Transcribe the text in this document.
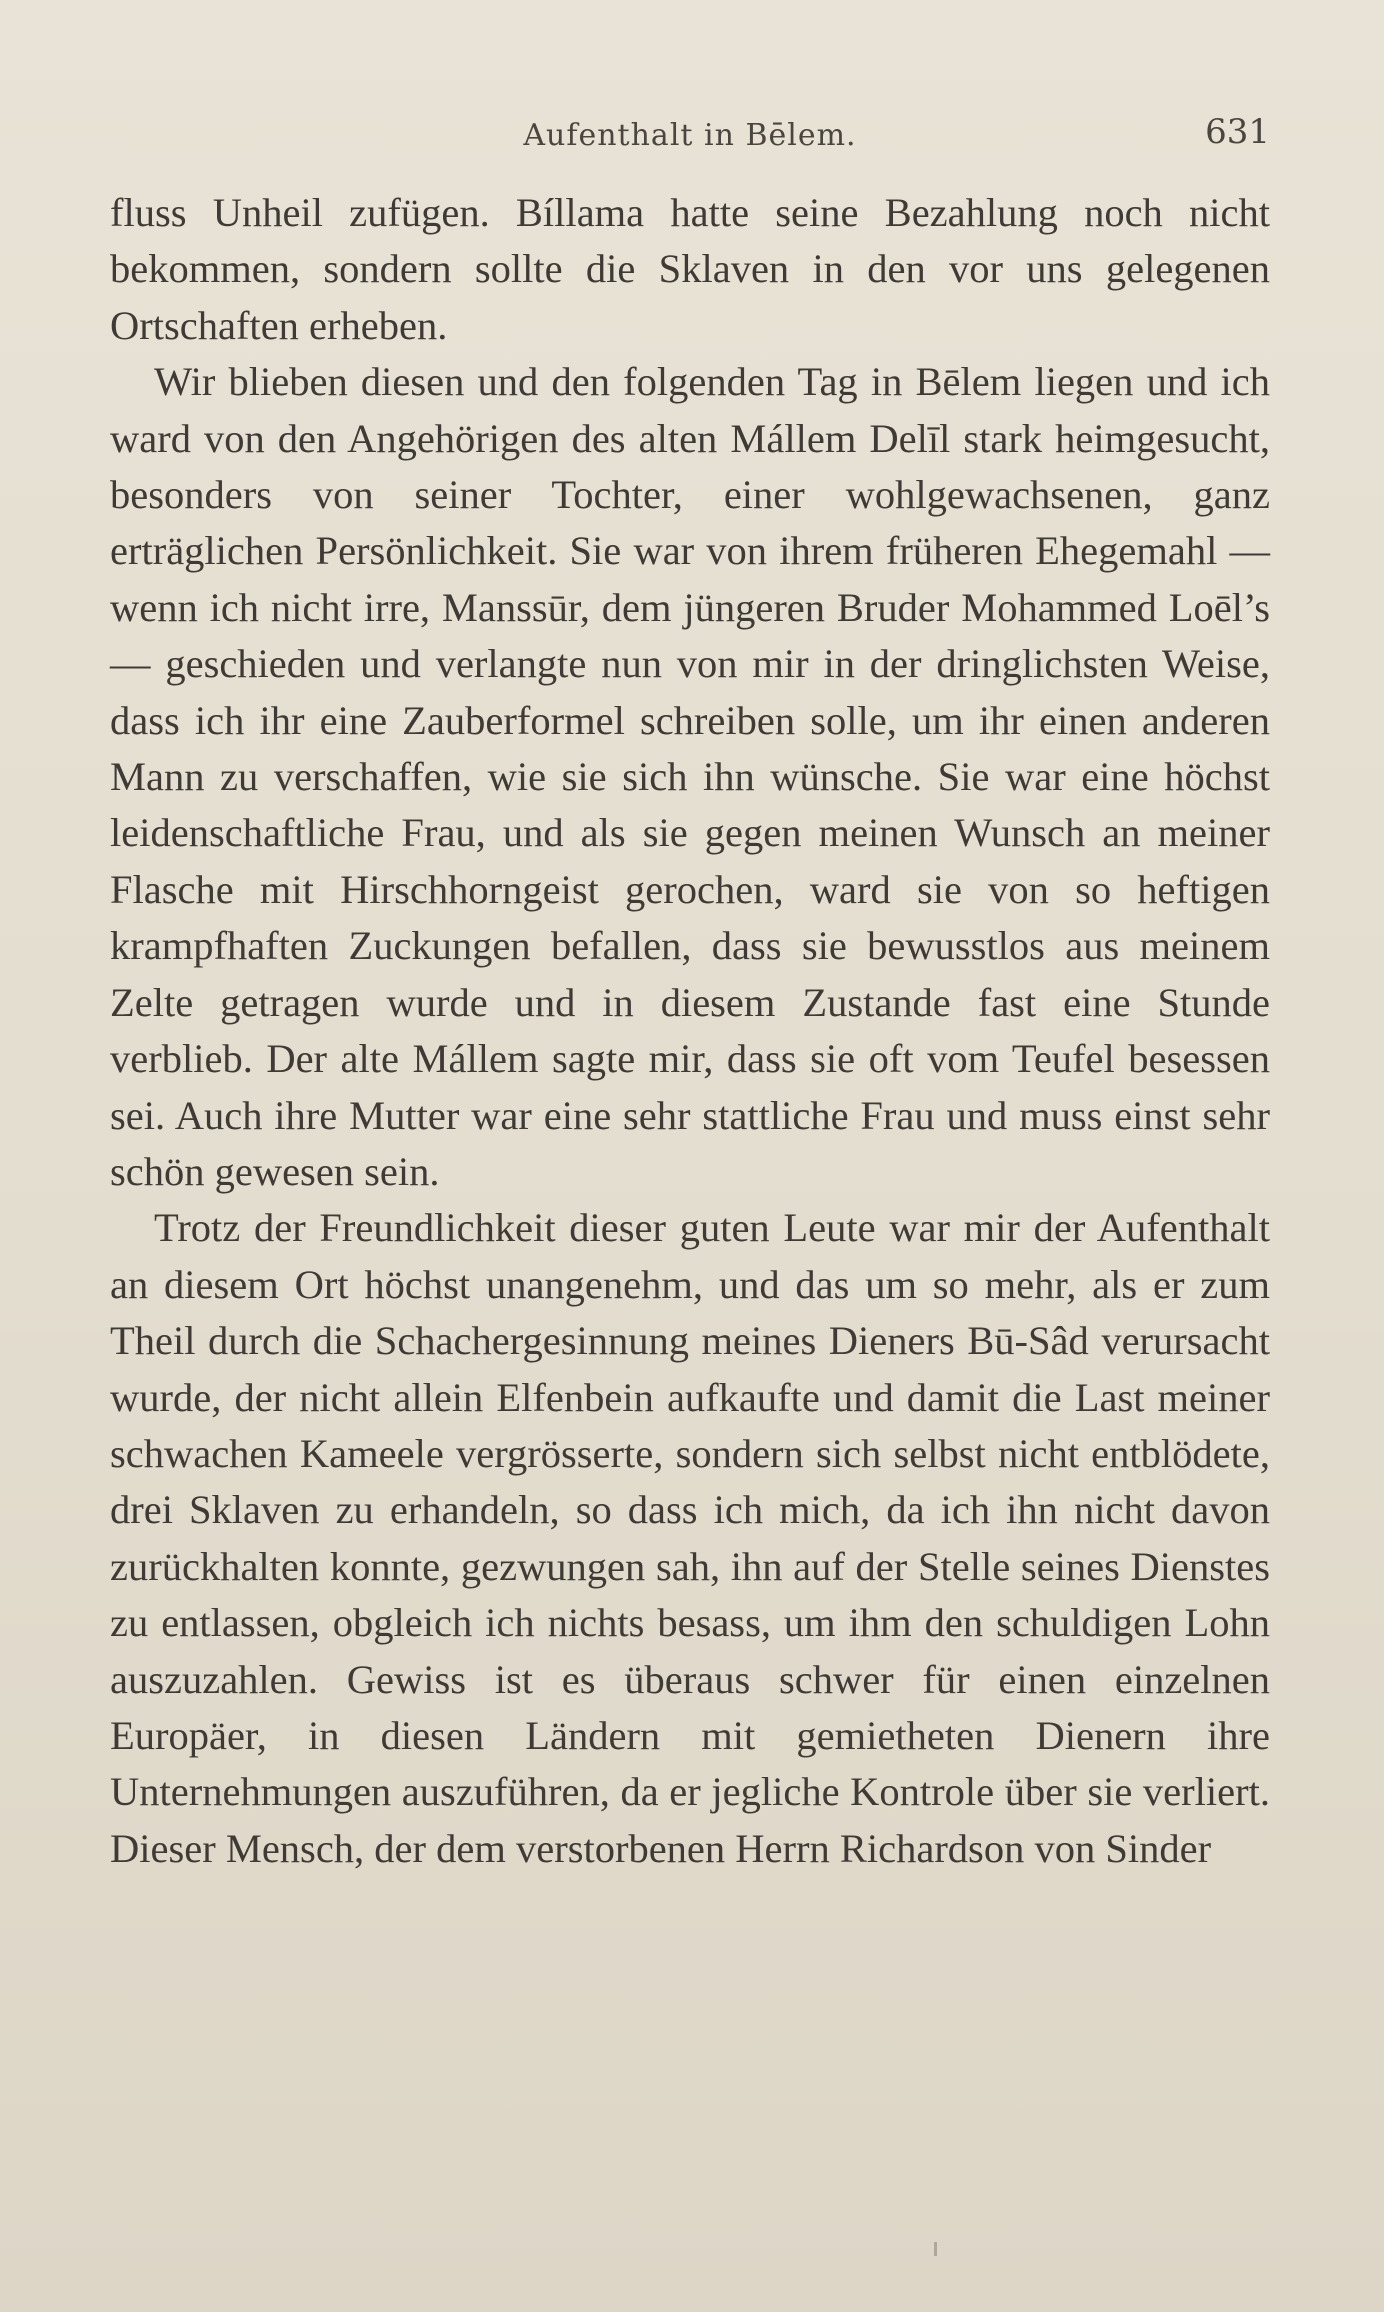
Aufenthalt in Bēlem.	631

fluss Unheil zufügen. Bíllama hatte seine Bezahlung noch nicht bekommen, sondern sollte die Sklaven in den vor uns gelegenen Ortschaften erheben.

Wir blieben diesen und den folgenden Tag in Bēlem liegen und ich ward von den Angehörigen des alten Mállem Delīl stark heimgesucht, besonders von seiner Tochter, einer wohlgewachsenen, ganz erträglichen Persönlichkeit. Sie war von ihrem früheren Ehegemahl — wenn ich nicht irre, Manssūr, dem jüngeren Bruder Mohammed Loēl’s — geschieden und verlangte nun von mir in der dringlichsten Weise, dass ich ihr eine Zauberformel schreiben solle, um ihr einen anderen Mann zu verschaffen, wie sie sich ihn wünsche. Sie war eine höchst leidenschaftliche Frau, und als sie gegen meinen Wunsch an meiner Flasche mit Hirschhorngeist gerochen, ward sie von so heftigen krampfhaften Zuckungen befallen, dass sie bewusstlos aus meinem Zelte getragen wurde und in diesem Zustande fast eine Stunde verblieb. Der alte Mállem sagte mir, dass sie oft vom Teufel besessen sei. Auch ihre Mutter war eine sehr stattliche Frau und muss einst sehr schön gewesen sein.

Trotz der Freundlichkeit dieser guten Leute war mir der Aufenthalt an diesem Ort höchst unangenehm, und das um so mehr, als er zum Theil durch die Schachergesinnung meines Dieners Bū-Sâd verursacht wurde, der nicht allein Elfenbein aufkaufte und damit die Last meiner schwachen Kameele vergrösserte, sondern sich selbst nicht entblödete, drei Sklaven zu erhandeln, so dass ich mich, da ich ihn nicht davon zurückhalten konnte, gezwungen sah, ihn auf der Stelle seines Dienstes zu entlassen, obgleich ich nichts besass, um ihm den schuldigen Lohn auszuzahlen. Gewiss ist es überaus schwer für einen einzelnen Europäer, in diesen Ländern mit gemietheten Dienern ihre Unternehmungen auszuführen, da er jegliche Kontrole über sie verliert. Dieser Mensch, der dem verstorbenen Herrn Richardson von Sinder
